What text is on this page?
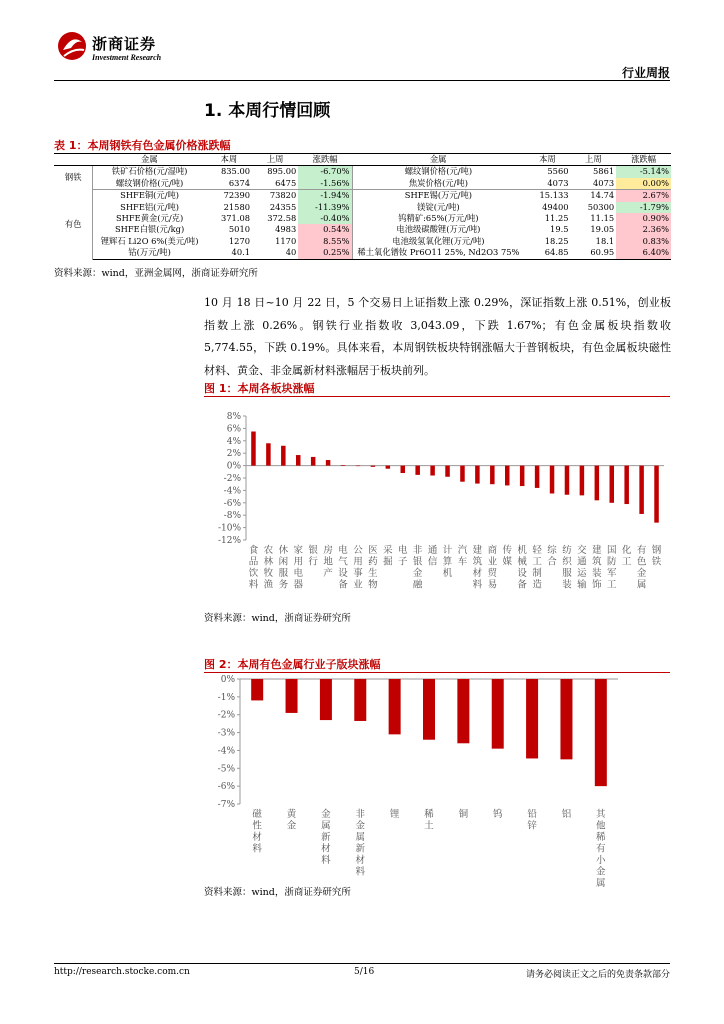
浙商证券
Investment Research
行业周报
1. 本周行情回顾
表 1：本周钢铁有色金属价格涨跌幅
	金属	本周	上周	涨跌幅	金属	本周	上周	涨跌幅
钢铁	铁矿石价格(元/湿吨)	835.00	895.00	-6.70%	螺纹钢价格(元/吨)	5560	5861	-5.14%
	螺纹钢价格(元/吨)	6374	6475	-1.56%	焦炭价格(元/吨)	4073	4073	0.00%
有色	SHFE铜(元/吨)	72390	73820	-1.94%	SHFE锡(万元/吨)	15.133	14.74	2.67%
	SHFE铝(元/吨)	21580	24355	-11.39%	镁锭(元/吨)	49400	50300	-1.79%
	SHFE黄金(元/克)	371.08	372.58	-0.40%	钨精矿:65%(万元/吨)	11.25	11.15	0.90%
	SHFE白银(元/kg)	5010	4983	0.54%	电池级碳酸锂(万元/吨)	19.5	19.05	2.36%
	锂辉石 Li2O 6%(美元/吨)	1270	1170	8.55%	电池级氢氧化锂(万元/吨)	18.25	18.1	0.83%
	钴(万元/吨)	40.1	40	0.25%	稀土氧化镨钕 Pr6O11 25%, Nd2O3 75%	64.85	60.95	6.40%
资料来源：wind，亚洲金属网，浙商证券研究所
10 月 18 日~10 月 22 日，5 个交易日上证指数上涨 0.29%，深证指数上涨 0.51%，创业板指数上涨 0.26%。钢铁行业指数收 3,043.09，下跌 1.67%；有色金属板块指数收 5,774.55，下跌 0.19%。具体来看，本周钢铁板块特钢涨幅大于普钢板块，有色金属板块磁性材料、黄金、非金属新材料涨幅居于板块前列。
图 1：本周各板块涨幅
8%
6%
4%
2%
0%
-2%
-4%
-6%
-8%
-10%
-12%
食品饮料
农林牧渔
休闲服务
家用电器
银行
房地产
电气设备
公用事业
医药生物
采掘
电子
非银金融
通信
计算机
汽车
建筑材料
商业贸易
传媒
机械设备
轻工制造
综合
纺织服装
交通运输
建筑装饰
国防军工
化工
有色金属
钢铁
资料来源：wind，浙商证券研究所
图 2：本周有色金属行业子版块涨幅
0%
-1%
-2%
-3%
-4%
-5%
-6%
-7%
磁性材料
黄金
金属新材料
非金属新材料
锂	稀土
铜	钨	铅锌
铝	其他稀有小金属
资料来源：wind，浙商证券研究所
http://research.stocke.com.cn	5/16	请务必阅读正文之后的免责条款部分
